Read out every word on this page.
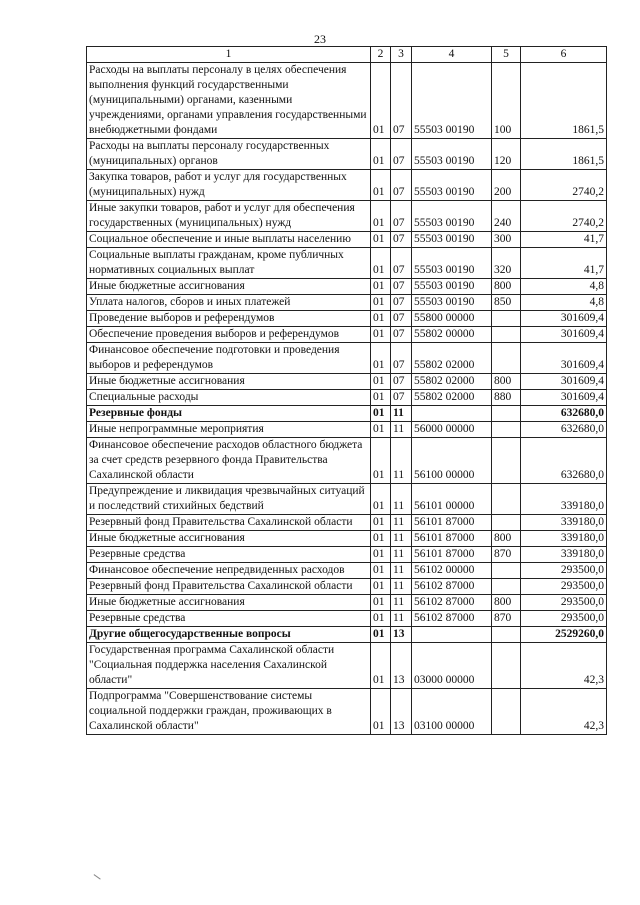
23
1	2	3	4	5	6
Расходы на выплаты персоналу в целях обеспечения выполнения функций государственными (муниципальными) органами, казенными учреждениями, органами управления государственными внебюджетными фондами	01	07	55503 00190	100	1861,5
Расходы на выплаты персоналу государственных (муниципальных) органов	01	07	55503 00190	120	1861,5
Закупка товаров, работ и услуг для государственных (муниципальных) нужд	01	07	55503 00190	200	2740,2
Иные закупки товаров, работ и услуг для обеспечения государственных (муниципальных) нужд	01	07	55503 00190	240	2740,2
Социальное обеспечение и иные выплаты населению	01	07	55503 00190	300	41,7
Социальные выплаты гражданам, кроме публичных нормативных социальных выплат	01	07	55503 00190	320	41,7
Иные бюджетные ассигнования	01	07	55503 00190	800	4,8
Уплата налогов, сборов и иных платежей	01	07	55503 00190	850	4,8
Проведение выборов и референдумов	01	07	55800 00000		301609,4
Обеспечение проведения выборов и референдумов	01	07	55802 00000		301609,4
Финансовое обеспечение подготовки и проведения выборов и референдумов	01	07	55802 02000		301609,4
Иные бюджетные ассигнования	01	07	55802 02000	800	301609,4
Специальные расходы	01	07	55802 02000	880	301609,4
Резервные фонды	01	11			632680,0
Иные непрограммные мероприятия	01	11	56000 00000		632680,0
Финансовое обеспечение расходов областного бюджета за счет средств резервного фонда Правительства Сахалинской области	01	11	56100 00000		632680,0
Предупреждение и ликвидация чрезвычайных ситуаций и последствий стихийных бедствий	01	11	56101 00000		339180,0
Резервный фонд Правительства Сахалинской области	01	11	56101 87000		339180,0
Иные бюджетные ассигнования	01	11	56101 87000	800	339180,0
Резервные средства	01	11	56101 87000	870	339180,0
Финансовое обеспечение непредвиденных расходов	01	11	56102 00000		293500,0
Резервный фонд Правительства Сахалинской области	01	11	56102 87000		293500,0
Иные бюджетные ассигнования	01	11	56102 87000	800	293500,0
Резервные средства	01	11	56102 87000	870	293500,0
Другие общегосударственные вопросы	01	13			2529260,0
Государственная программа Сахалинской области "Социальная поддержка населения Сахалинской области"	01	13	03000 00000		42,3
Подпрограмма "Совершенствование системы социальной поддержки граждан, проживающих в Сахалинской области"	01	13	03100 00000		42,3
